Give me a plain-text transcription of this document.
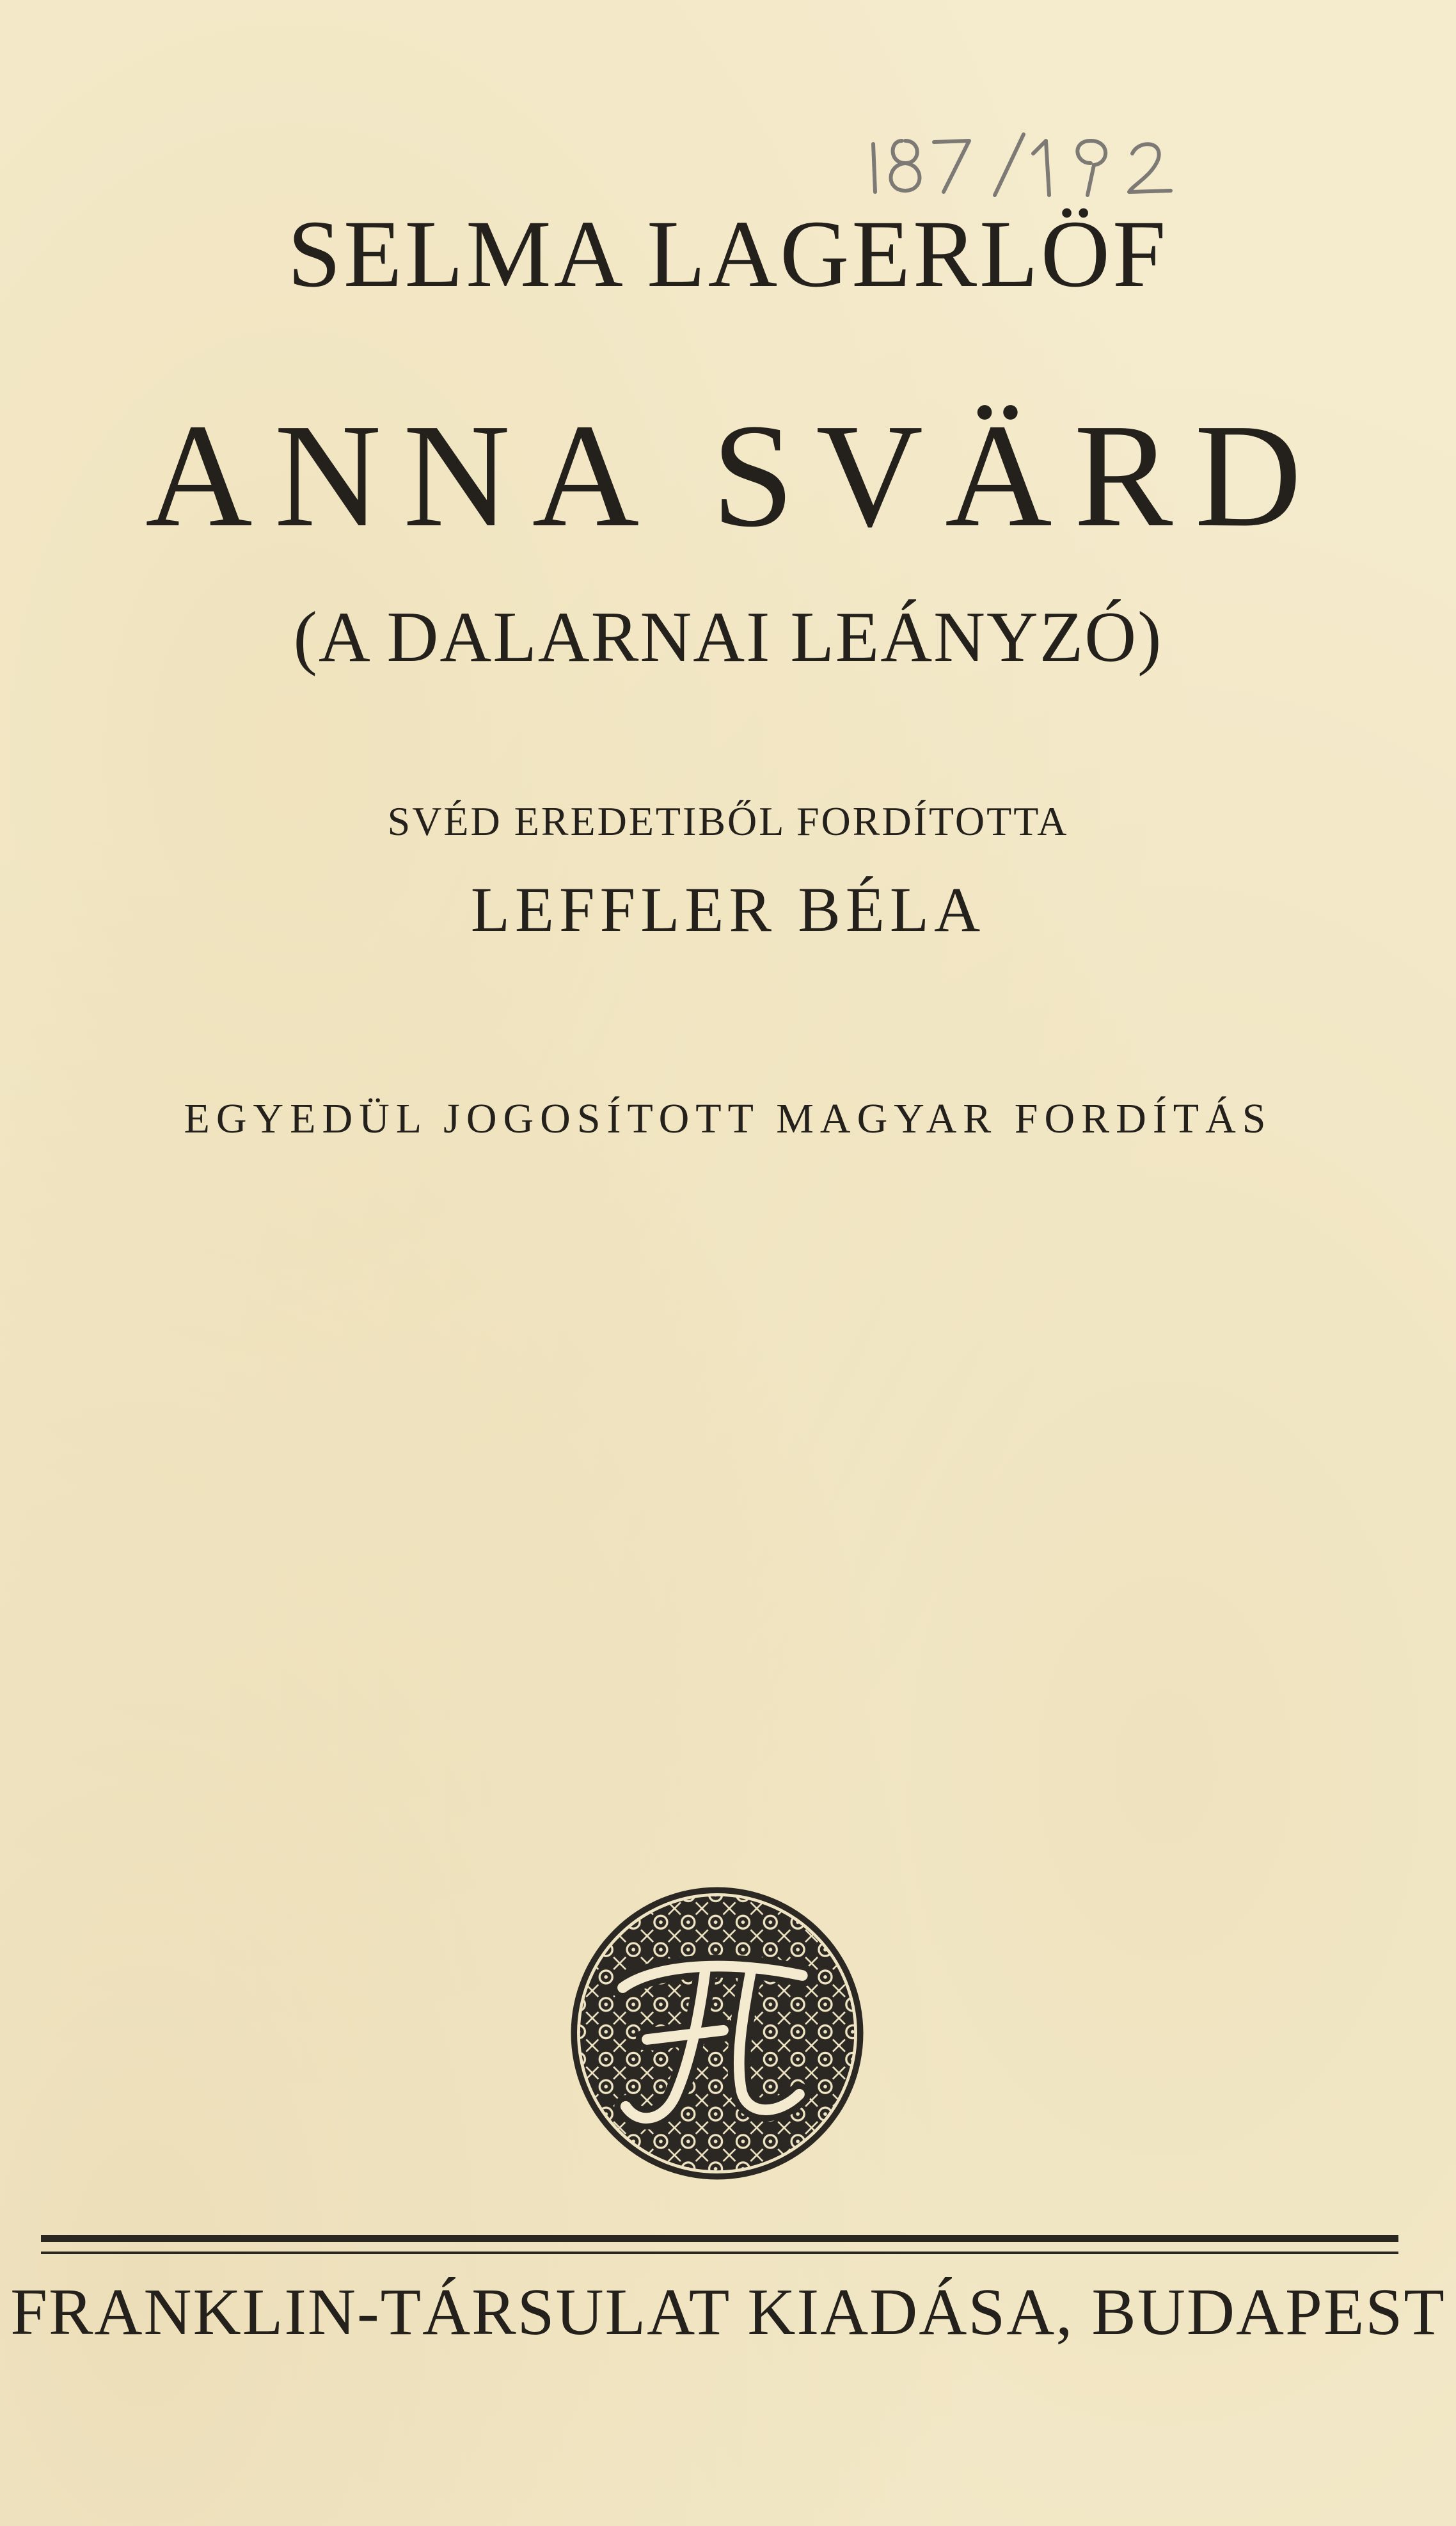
SELMA LAGERLÖF
ANNA SVÄRD
(A DALARNAI LEÁNYZÓ)
SVÉD EREDETIBŐL FORDÍTOTTA
LEFFLER BÉLA
EGYEDÜL JOGOSÍTOTT MAGYAR FORDÍTÁS
FRANKLIN-TÁRSULAT KIADÁSA, BUDAPEST
